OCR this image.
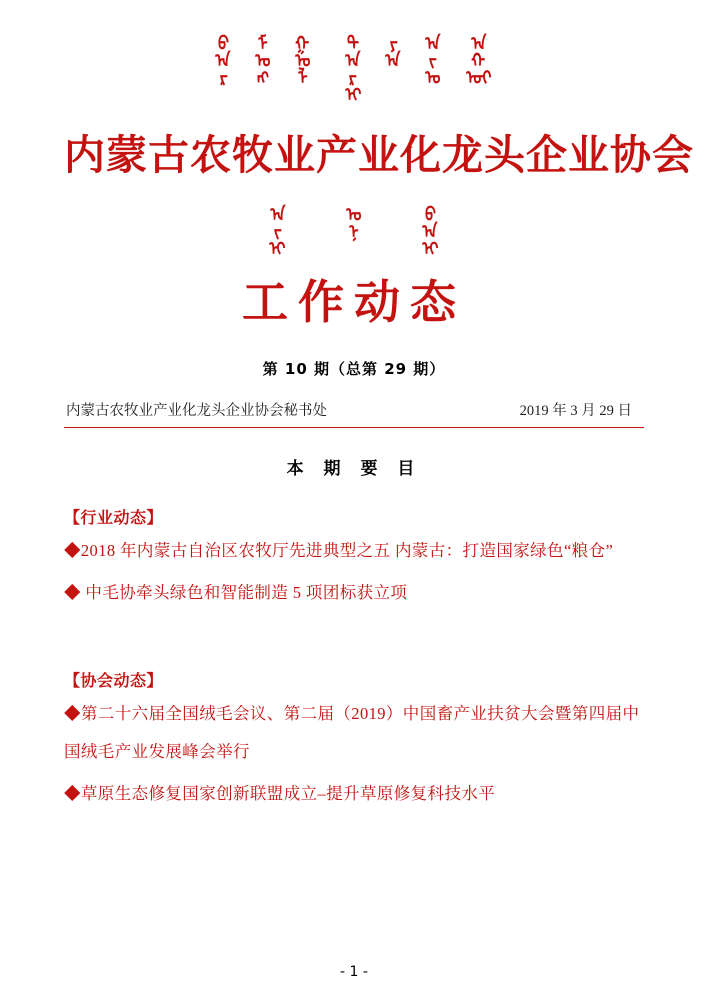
ᠪ
ᠠ
ᠷ
ᠮ
ᠣ
ᠩ
ᠭ
ᠣ
ᠯ
ᠲ
ᠠ
ᠷ
ᠢ
ᠶ
ᠠ
ᠠ
ᠵ
ᠤ
ᠠ
ᠬ
ᠤᠢ
内蒙古农牧业产业化龙头企业协会
ᠠ
ᠵ
ᠢ
ᠤ
ᠨ
ᠪ
ᠠ
ᠢ
工作动态
第 10 期（总第 29 期）
内蒙古农牧业产业化龙头企业协会秘书处	2019 年 3 月 29 日
本 期 要 目
【行业动态】
◆2018 年内蒙古自治区农牧厅先进典型之五 内蒙古：打造国家绿色“粮仓”
◆ 中毛协牵头绿色和智能制造 5 项团标获立项
【协会动态】
◆第二十六届全国绒毛会议、第二届（2019）中国畜产业扶贫大会暨第四届中国绒毛产业发展峰会举行
◆草原生态修复国家创新联盟成立–提升草原修复科技水平
- 1 -
